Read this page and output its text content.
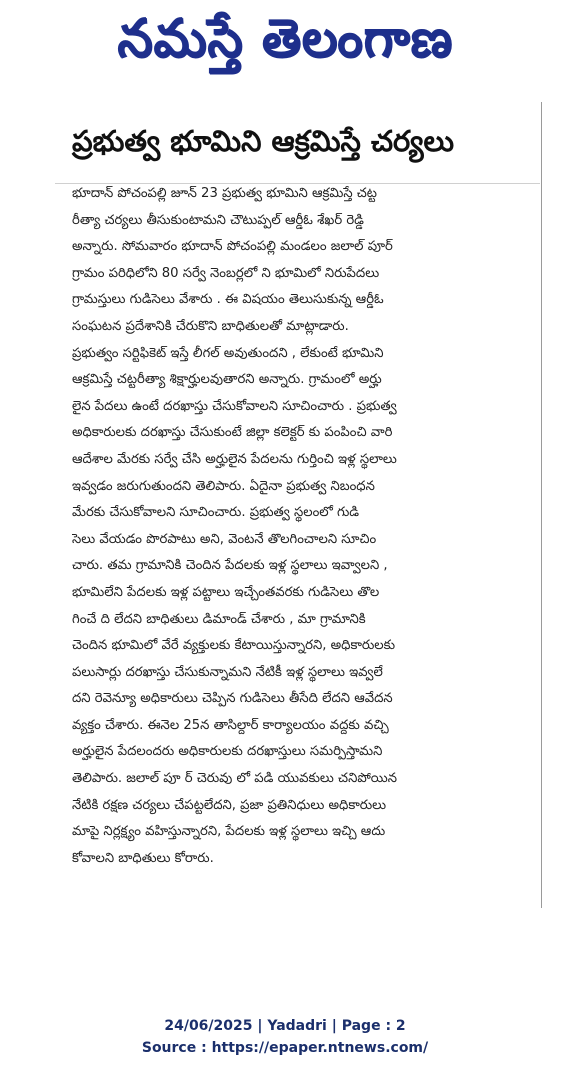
నమస్తే తెలంగాణ
ప్రభుత్వ భూమిని ఆక్రమిస్తే చర్యలు
భూదాన్ పోచంపల్లి జూన్ 23 ప్రభుత్వ భూమిని ఆక్రమిస్తే చట్ట
రీత్యా చర్యలు తీసుకుంటామని చౌటుప్పల్ ఆర్డీఓ శేఖర్ రెడ్డి
అన్నారు. సోమవారం భూదాన్ పోచంపల్లి మండలం జలాల్ పూర్
గ్రామం పరిధిలోని 80 సర్వే నెంబర్లలో ని భూమిలో నిరుపేదలు
గ్రామస్తులు గుడిసెలు వేశారు . ఈ విషయం తెలుసుకున్న ఆర్డీఓ
సంఘటన ప్రదేశానికి చేరుకొని బాధితులతో మాట్లాడారు.
ప్రభుత్వం సర్టిఫికెట్ ఇస్తే లీగల్ అవుతుందని , లేకుంటే భూమిని
ఆక్రమిస్తే చట్టరీత్యా శిక్షార్హులవుతారని అన్నారు. గ్రామంలో అర్హు
లైన పేదలు ఉంటే దరఖాస్తు చేసుకోవాలని సూచించారు . ప్రభుత్వ
అధికారులకు దరఖాస్తు చేసుకుంటే జిల్లా కలెక్టర్ కు పంపించి వారి
ఆదేశాల మేరకు సర్వే చేసి అర్హులైన పేదలను గుర్తించి ఇళ్ల స్థలాలు
ఇవ్వడం జరుగుతుందని తెలిపారు. ఏదైనా ప్రభుత్వ నిబంధన
మేరకు చేసుకోవాలని సూచించారు. ప్రభుత్వ స్థలంలో గుడి
సెలు వేయడం పొరపాటు అని, వెంటనే తొలగించాలని సూచిం
చారు. తమ గ్రామానికి చెందిన పేదలకు ఇళ్ల స్థలాలు ఇవ్వాలని ,
భూమిలేని పేదలకు ఇళ్ల పట్టాలు ఇచ్చేంతవరకు గుడిసెలు తొల
గించే ది లేదని బాధితులు డిమాండ్ చేశారు , మా గ్రామానికి
చెందిన భూమిలో వేరే వ్యక్తులకు కేటాయిస్తున్నారని, అధికారులకు
పలుసార్లు దరఖాస్తు చేసుకున్నామని నేటికీ ఇళ్ల స్థలాలు ఇవ్వలే
దని రెవెన్యూ అధికారులు చెప్పిన గుడిసెలు తీసేది లేదని ఆవేదన
వ్యక్తం చేశారు. ఈనెల 25న తాసిల్దార్ కార్యాలయం వద్దకు వచ్చి
అర్హులైన పేదలందరు అధికారులకు దరఖాస్తులు సమర్పిస్తామని
తెలిపారు. జలాల్ పూ ర్ చెరువు లో పడి యువకులు చనిపోయిన
నేటికి రక్షణ చర్యలు చేపట్టలేదని, ప్రజా ప్రతినిధులు అధికారులు
మాపై నిర్లక్ష్యం వహిస్తున్నారని, పేదలకు ఇళ్ల స్థలాలు ఇచ్చి ఆదు
కోవాలని బాధితులు కోరారు.
24/06/2025 | Yadadri | Page : 2
Source : https://epaper.ntnews.com/
